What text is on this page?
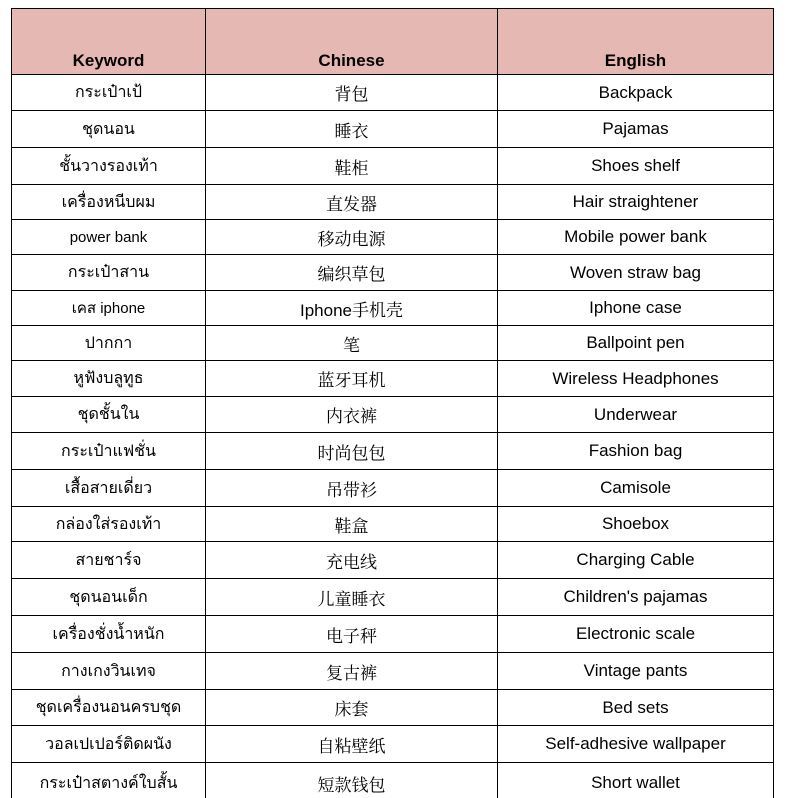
Keyword	Chinese	English
กระเป๋าเป้	背包	Backpack
ชุดนอน	睡衣	Pajamas
ชั้นวางรองเท้า	鞋柜	Shoes shelf
เครื่องหนีบผม	直发器	Hair straightener
power bank	移动电源	Mobile power bank
กระเป๋าสาน	编织草包	Woven straw bag
เคส iphone	Iphone手机壳	Iphone case
ปากกา	笔	Ballpoint pen
หูฟังบลูทูธ	蓝牙耳机	Wireless Headphones
ชุดชั้นใน	内衣裤	Underwear
กระเป๋าแฟชั่น	时尚包包	Fashion bag
เสื้อสายเดี่ยว	吊带衫	Camisole
กล่องใส่รองเท้า	鞋盒	Shoebox
สายชาร์จ	充电线	Charging Cable
ชุดนอนเด็ก	儿童睡衣	Children's pajamas
เครื่องชั่งน้ำหนัก	电子秤	Electronic scale
กางเกงวินเทจ	复古裤	Vintage pants
ชุดเครื่องนอนครบชุด	床套	Bed sets
วอลเปเปอร์ติดผนัง	自粘壁纸	Self-adhesive wallpaper
กระเป๋าสตางค์ใบสั้น	短款钱包	Short wallet
